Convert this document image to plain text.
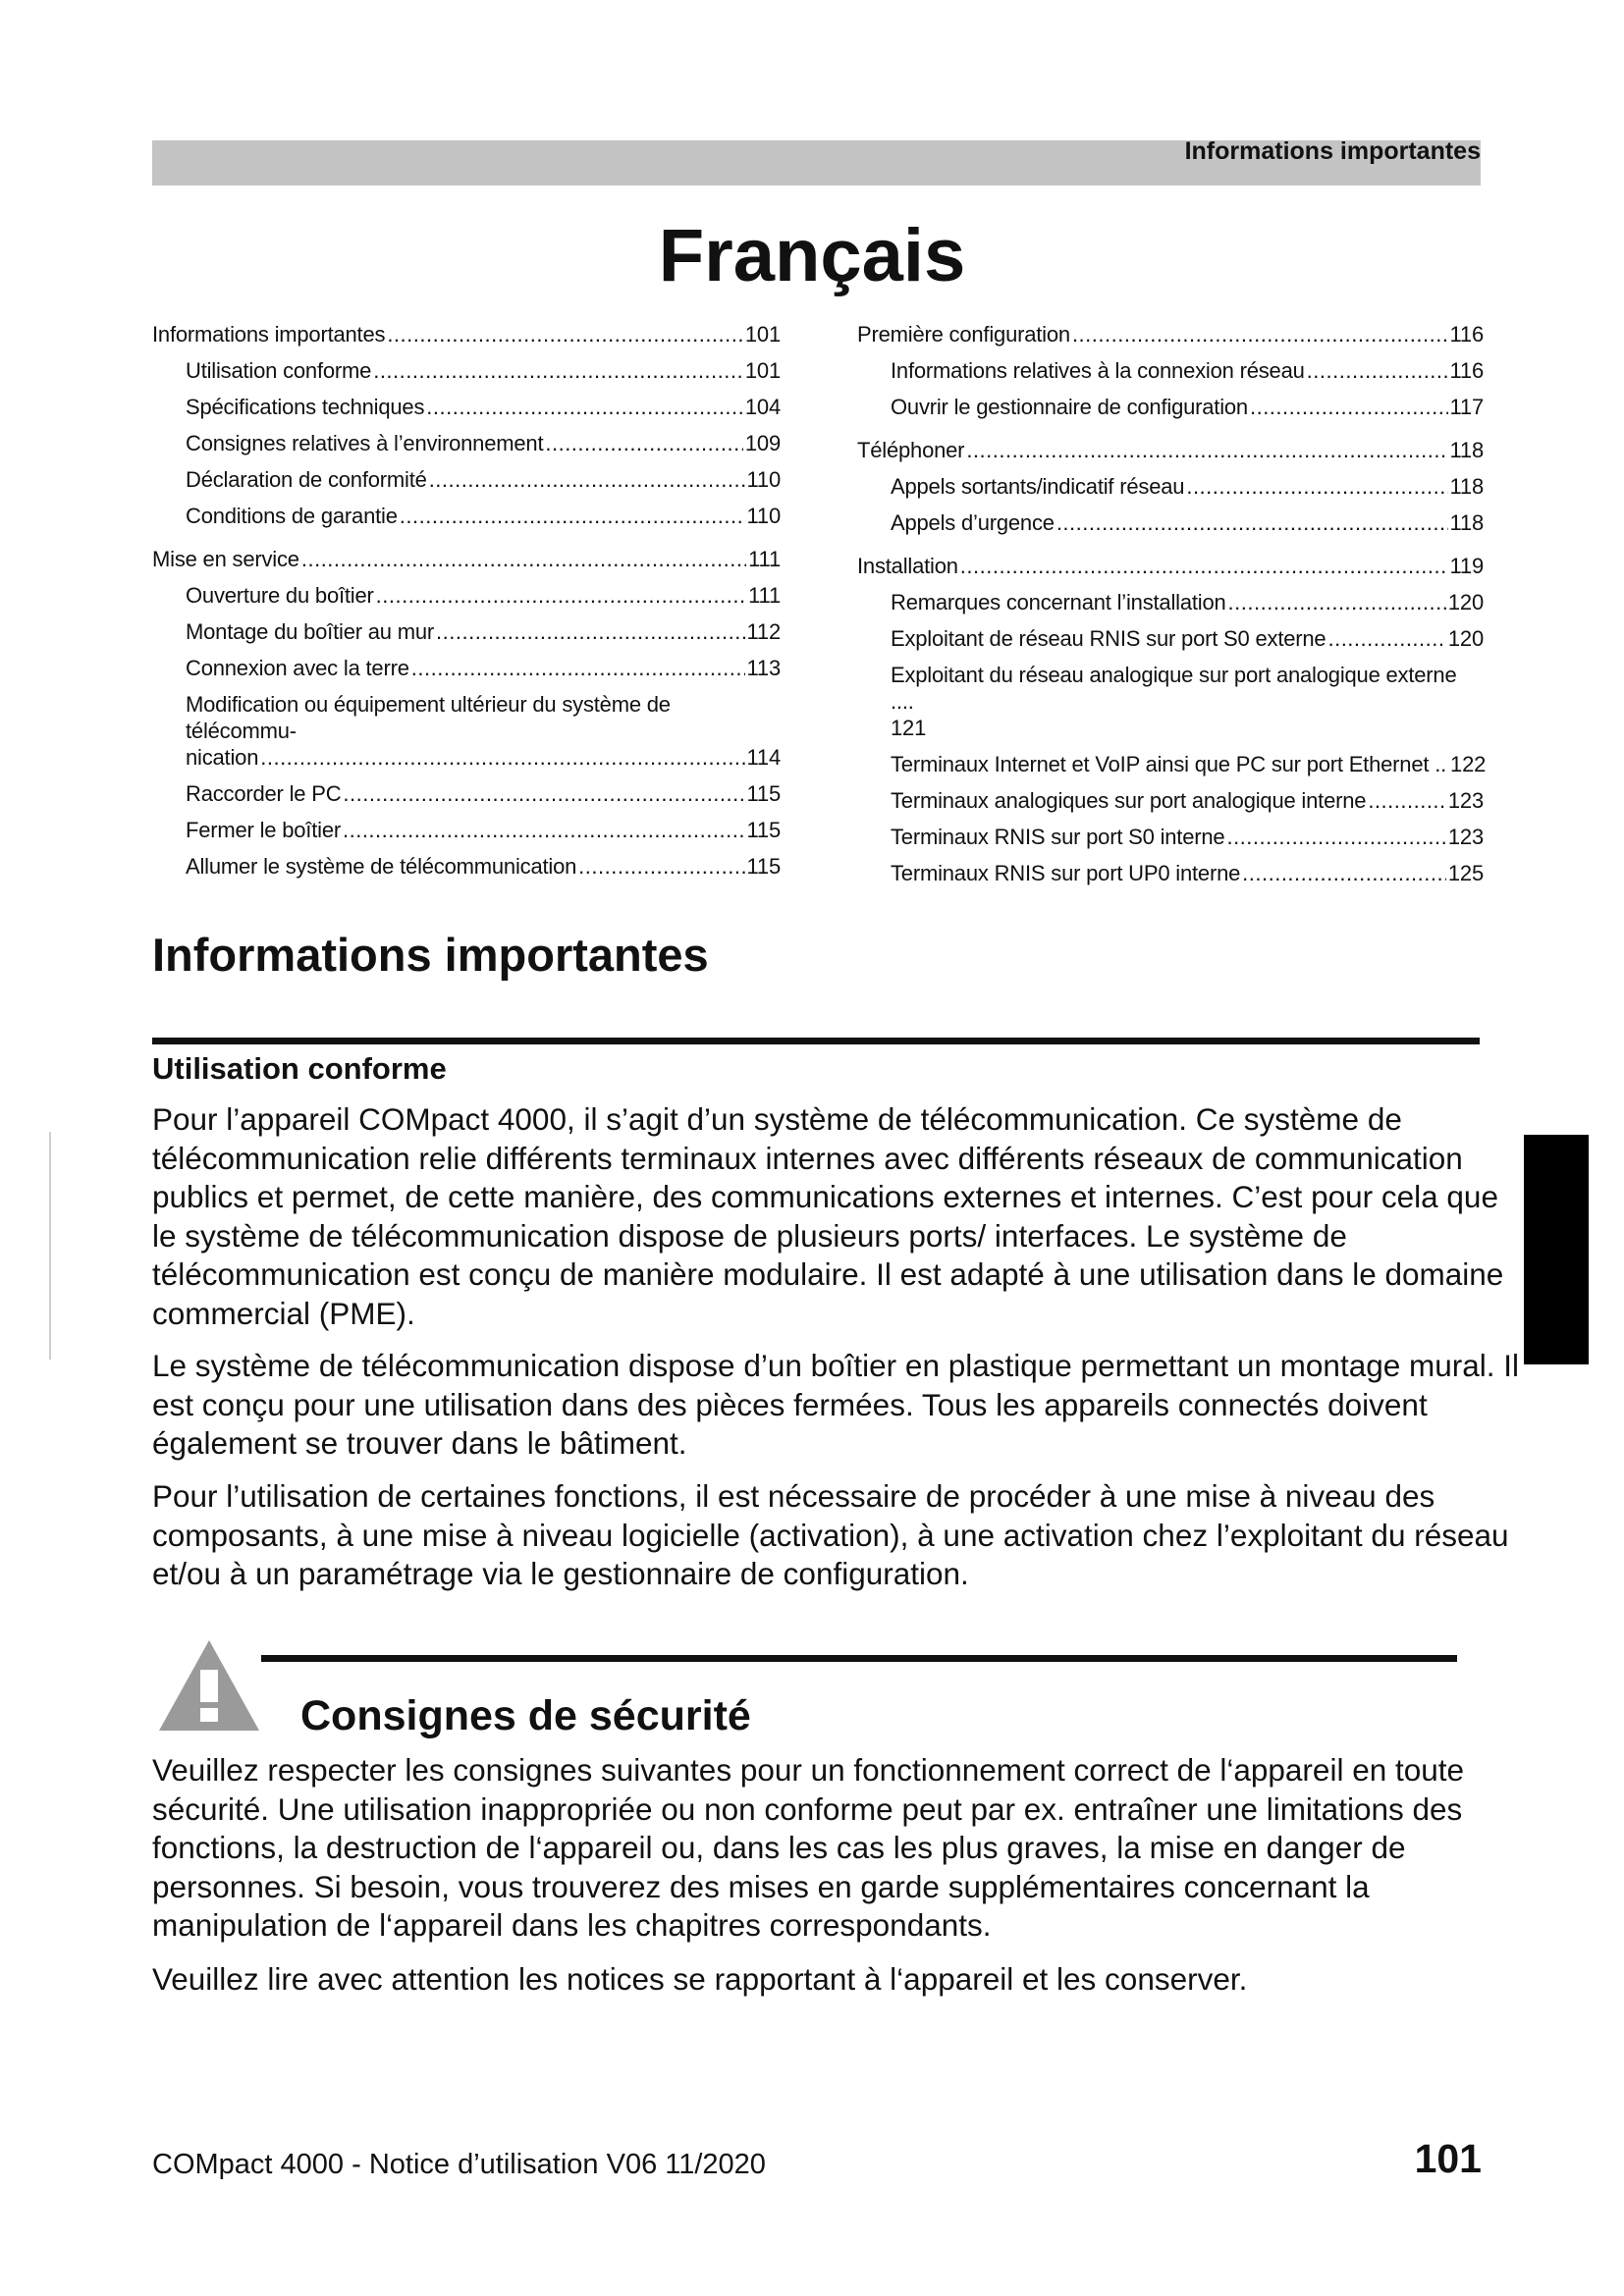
Informations importantes
Français
Informations importantes .....	101
Utilisation conforme .....	101
Spécifications techniques .....	104
Consignes relatives à l’environnement .....	109
Déclaration de conformité .....	110
Conditions de garantie .....	110
Mise en service .....	111
Ouverture du boîtier .....	111
Montage du boîtier au mur .....	112
Connexion avec la terre .....	113
Modification ou équipement ultérieur du système de télécommu-
nication .....	114
Raccorder le PC .....	115
Fermer le boîtier .....	115
Allumer le système de télécommunication .....	115
Première configuration .....	116
Informations relatives à la connexion réseau .....	116
Ouvrir le gestionnaire de configuration .....	117
Téléphoner .....	118
Appels sortants/indicatif réseau .....	118
Appels d’urgence .....	118
Installation .....	119
Remarques concernant l’installation .....	120
Exploitant de réseau RNIS sur port S0 externe .....	120
Exploitant du réseau analogique sur port analogique externe ....
121
Terminaux Internet et VoIP ainsi que PC sur port Ethernet .. 122
Terminaux analogiques sur port analogique interne .....	123
Terminaux RNIS sur port S0 interne .....	123
Terminaux RNIS sur port UP0 interne .....	125
Informations importantes
Utilisation conforme

Pour l’appareil COMpact 4000, il s’agit d’un système de télécommunication. Ce système de télécommunication relie différents terminaux internes avec différents réseaux de communication publics et permet, de cette manière, des communications externes et internes. C’est pour cela que le système de télécommunication dispose de plusieurs ports/ interfaces. Le système de télécommunication est conçu de manière modulaire. Il est adapté à une utilisation dans le domaine commercial (PME).

Le système de télécommunication dispose d’un boîtier en plastique permettant un montage mural. Il est conçu pour une utilisation dans des pièces fermées. Tous les appareils connectés doivent également se trouver dans le bâtiment.

Pour l’utilisation de certaines fonctions, il est nécessaire de procéder à une mise à niveau des composants, à une mise à niveau logicielle (activation), à une activation chez l’exploitant du réseau et/ou à un paramétrage via le gestionnaire de configuration.

Consignes de sécurité

Veuillez respecter les consignes suivantes pour un fonctionnement correct de l‘appareil en toute sécurité. Une utilisation inappropriée ou non conforme peut par ex. entraîner une limitations des fonctions, la destruction de l‘appareil ou, dans les cas les plus graves, la mise en danger de personnes. Si besoin, vous trouverez des mises en garde supplémentaires concernant la manipulation de l‘appareil dans les chapitres correspondants.

Veuillez lire avec attention les notices se rapportant à l‘appareil et les conserver.

COMpact 4000 - Notice d’utilisation V06 11/2020	101
